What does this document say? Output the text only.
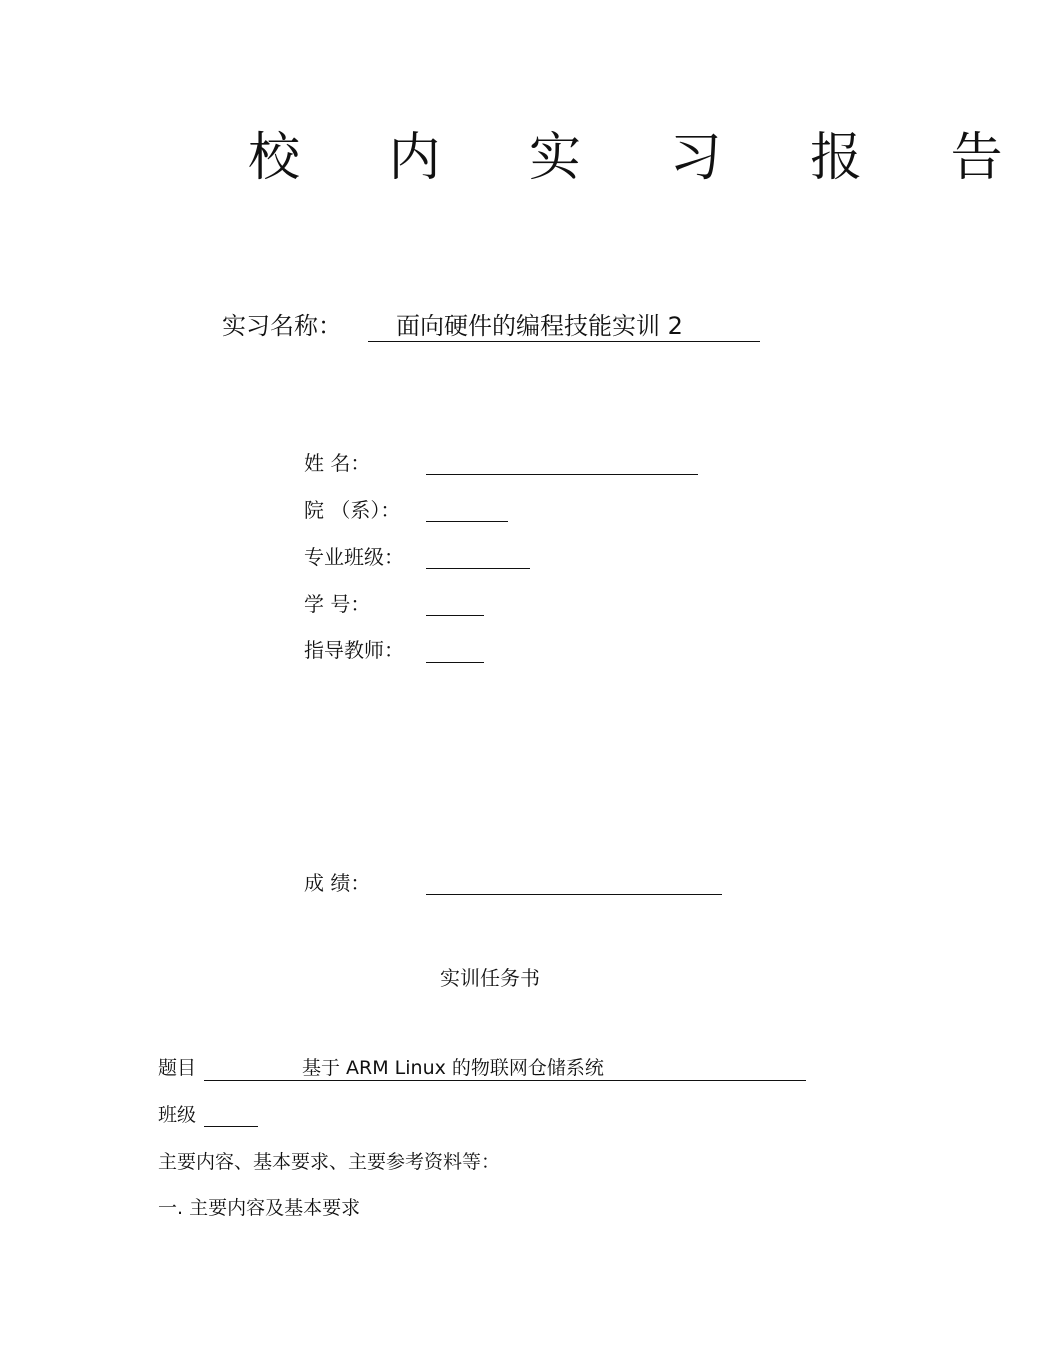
校 内 实 习 报 告
实习名称：	面向硬件的编程技能实训 2
姓 名：
院 （系）：
专业班级：
学 号：
指导教师：
成 绩：
实训任务书
题目	基于 ARM Linux 的物联网仓储系统
班级
主要内容、基本要求、主要参考资料等：
一. 主要内容及基本要求
